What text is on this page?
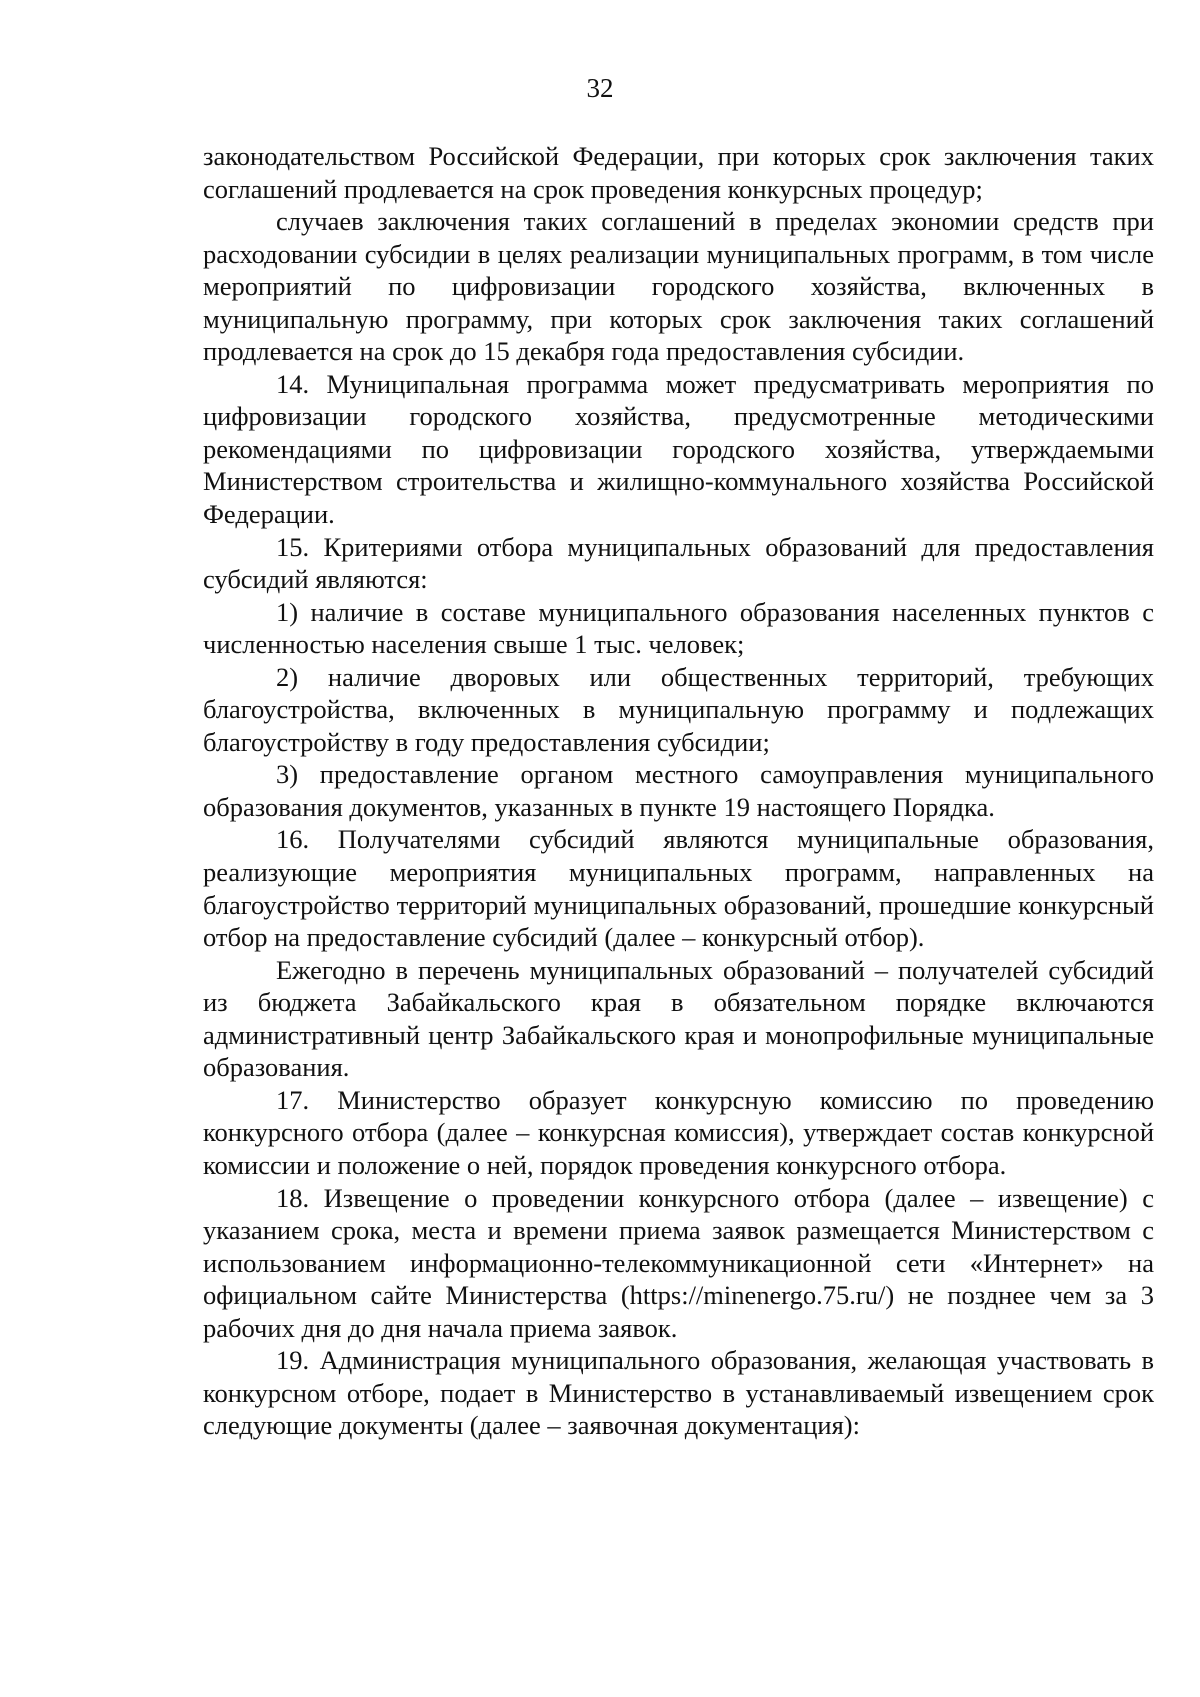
32

законодательством Российской Федерации, при которых срок заключения таких соглашений продлевается на срок проведения конкурсных процедур;

случаев заключения таких соглашений в пределах экономии средств при расходовании субсидии в целях реализации муниципальных программ, в том числе мероприятий по цифровизации городского хозяйства, включенных в муниципальную программу, при которых срок заключения таких соглашений продлевается на срок до 15 декабря года предоставления субсидии.

14. Муниципальная программа может предусматривать мероприятия по цифровизации городского хозяйства, предусмотренные методическими рекомендациями по цифровизации городского хозяйства, утверждаемыми Министерством строительства и жилищно-коммунального хозяйства Российской Федерации.

15. Критериями отбора муниципальных образований для предоставления субсидий являются:

1) наличие в составе муниципального образования населенных пунктов с численностью населения свыше 1 тыс. человек;

2) наличие дворовых или общественных территорий, требующих благоустройства, включенных в муниципальную программу и подлежащих благоустройству в году предоставления субсидии;

3) предоставление органом местного самоуправления муниципального образования документов, указанных в пункте 19 настоящего Порядка.

16. Получателями субсидий являются муниципальные образования, реализующие мероприятия муниципальных программ, направленных на благоустройство территорий муниципальных образований, прошедшие конкурсный отбор на предоставление субсидий (далее – конкурсный отбор).

Ежегодно в перечень муниципальных образований – получателей субсидий из бюджета Забайкальского края в обязательном порядке включаются административный центр Забайкальского края и монопрофильные муниципальные образования.

17. Министерство образует конкурсную комиссию по проведению конкурсного отбора (далее – конкурсная комиссия), утверждает состав конкурсной комиссии и положение о ней, порядок проведения конкурсного отбора.

18. Извещение о проведении конкурсного отбора (далее – извещение) с указанием срока, места и времени приема заявок размещается Министерством с использованием информационно-телекоммуникационной сети «Интернет» на официальном сайте Министерства (https://minenergo.75.ru/) не позднее чем за 3 рабочих дня до дня начала приема заявок.

19. Администрация муниципального образования, желающая участвовать в конкурсном отборе, подает в Министерство в устанавливаемый извещением срок следующие документы (далее – заявочная документация):
